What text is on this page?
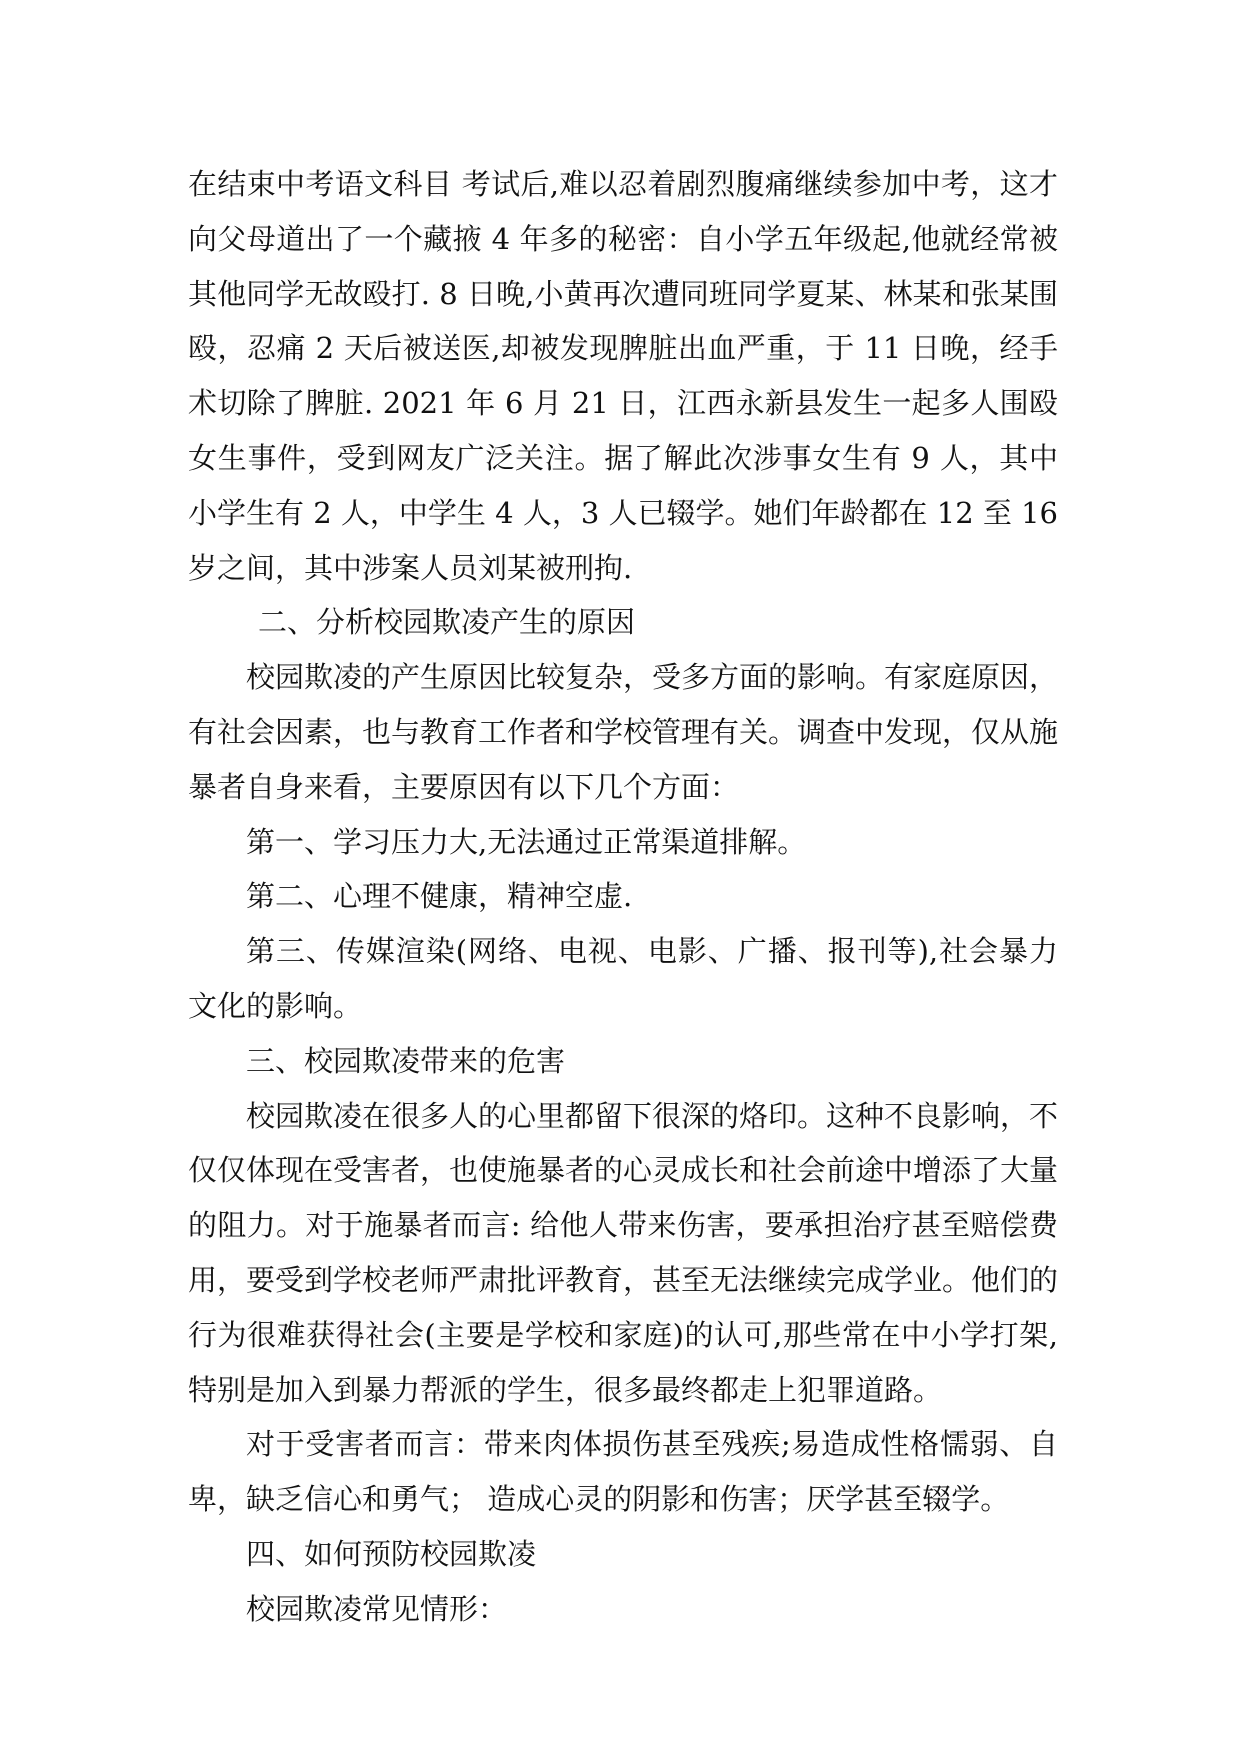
在结束中考语文科目 考试后,难以忍着剧烈腹痛继续参加中考，这才向父母道出了一个藏掖 4 年多的秘密：自小学五年级起,他就经常被其他同学无故殴打. 8 日晚,小黄再次遭同班同学夏某、林某和张某围殴，忍痛 2 天后被送医,却被发现脾脏出血严重，于 11 日晚，经手术切除了脾脏. 2021 年 6 月 21 日，江西永新县发生一起多人围殴女生事件，受到网友广泛关注。据了解此次涉事女生有 9 人，其中小学生有 2 人，中学生 4 人，3 人已辍学。她们年龄都在 12 至 16 岁之间，其中涉案人员刘某被刑拘.

二、分析校园欺凌产生的原因

校园欺凌的产生原因比较复杂，受多方面的影响。有家庭原因，有社会因素，也与教育工作者和学校管理有关。调查中发现，仅从施暴者自身来看，主要原因有以下几个方面：

第一、学习压力大,无法通过正常渠道排解。

第二、心理不健康，精神空虚.

第三、传媒渲染(网络、电视、电影、广播、报刊等),社会暴力文化的影响。

三、校园欺凌带来的危害

校园欺凌在很多人的心里都留下很深的烙印。这种不良影响，不仅仅体现在受害者，也使施暴者的心灵成长和社会前途中增添了大量的阻力。对于施暴者而言: 给他人带来伤害，要承担治疗甚至赔偿费用，要受到学校老师严肃批评教育，甚至无法继续完成学业。他们的行为很难获得社会(主要是学校和家庭)的认可,那些常在中小学打架,特别是加入到暴力帮派的学生，很多最终都走上犯罪道路。

对于受害者而言：带来肉体损伤甚至残疾;易造成性格懦弱、自卑，缺乏信心和勇气； 造成心灵的阴影和伤害；厌学甚至辍学。

四、如何预防校园欺凌

校园欺凌常见情形：
